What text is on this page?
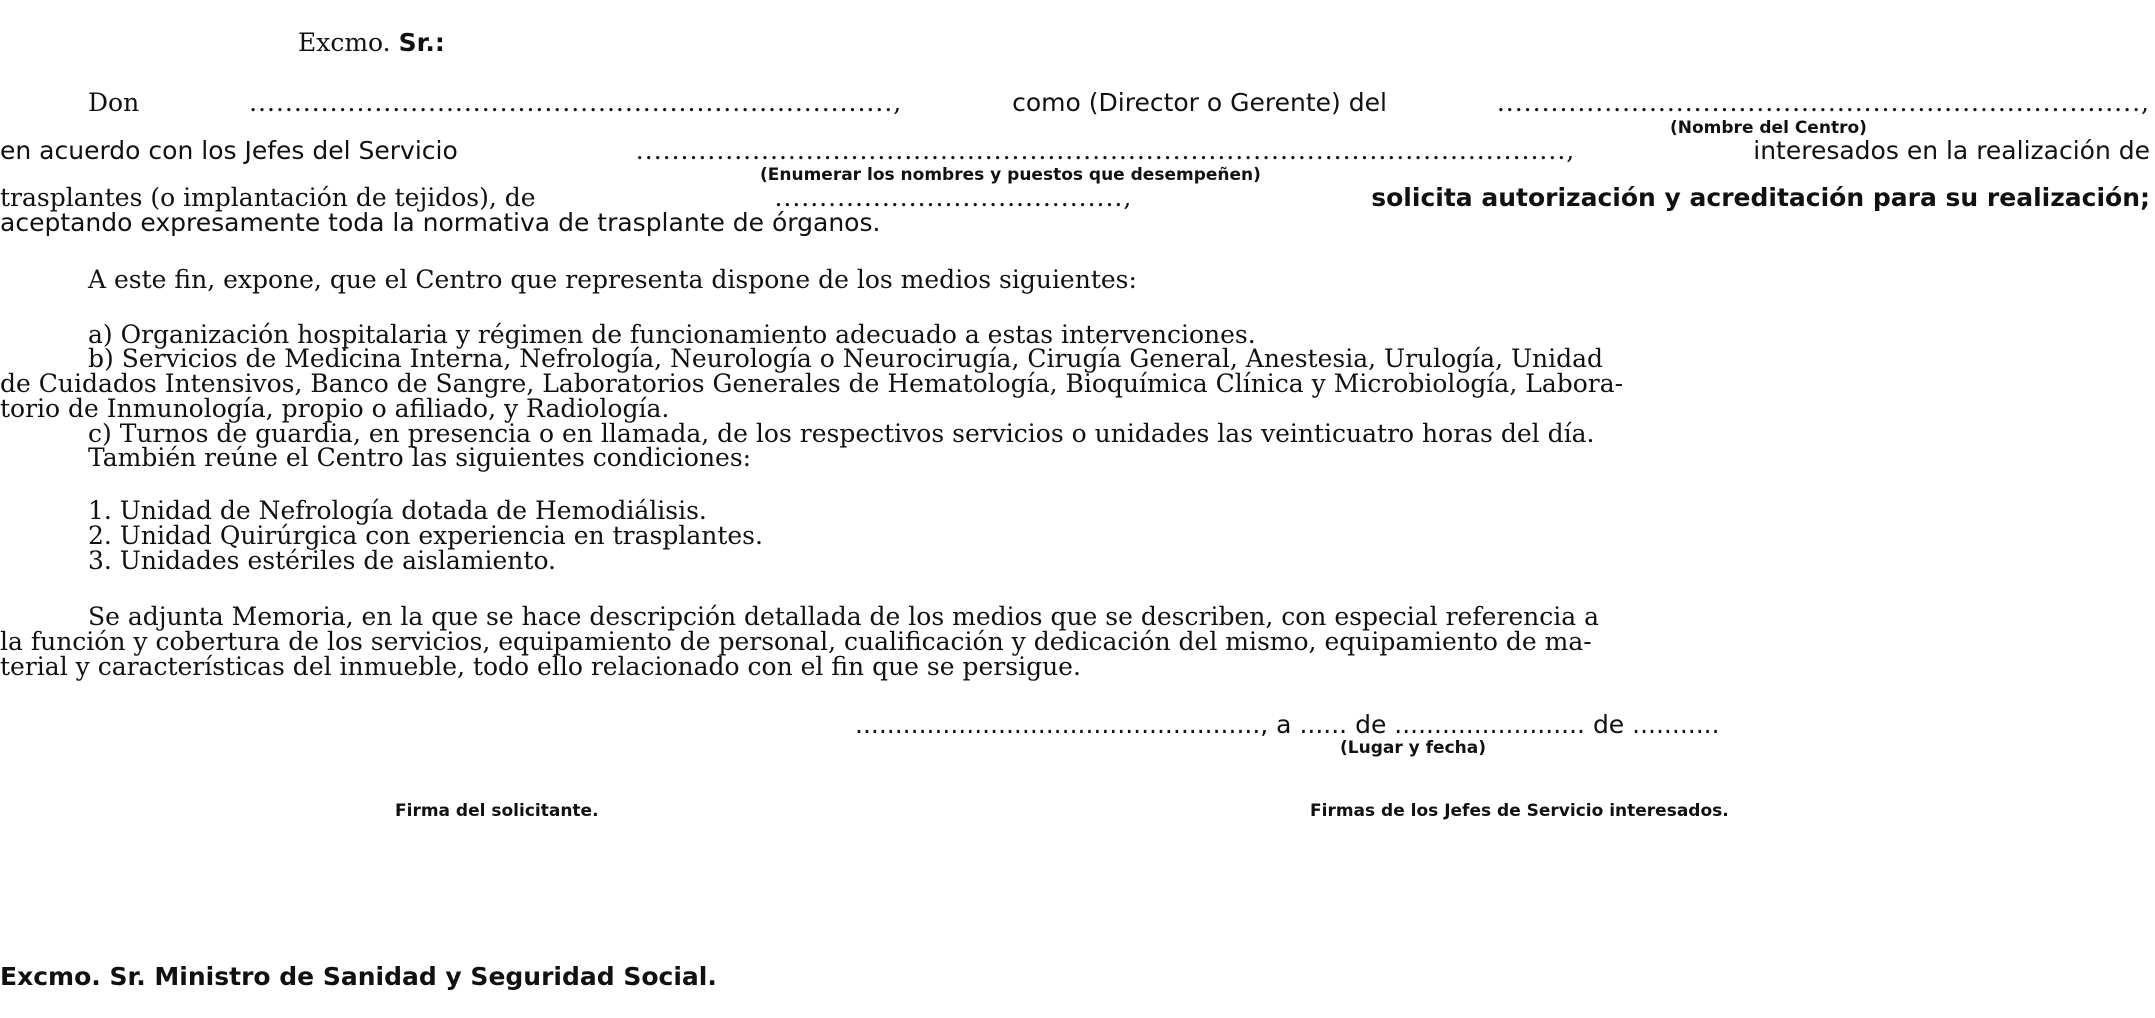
Excmo. Sr.:
Don	........................................................................,	como (Director o Gerente) del	........................................................................,
(Nombre del Centro)
en acuerdo con los Jefes del Servicio	........................................................................................................,	interesados en la realización de
(Enumerar los nombres y puestos que desempeñen)
trasplantes (o implantación de tejidos), de	.......................................,	solicita autorización y acreditación para su realización;
aceptando expresamente toda la normativa de trasplante de órganos.
A este fin, expone, que el Centro que representa dispone de los medios siguientes:
a) Organización hospitalaria y régimen de funcionamiento adecuado a estas intervenciones.
b) Servicios de Medicina Interna, Nefrología, Neurología o Neurocirugía, Cirugía General, Anestesia, Urulogía, Unidad
de Cuidados Intensivos, Banco de Sangre, Laboratorios Generales de Hematología, Bioquímica Clínica y Microbiología, Labora-
torio de Inmunología, propio o afiliado, y Radiología.
c) Turnos de guardia, en presencia o en llamada, de los respectivos servicios o unidades las veinticuatro horas del día.
También reúne el Centro las siguientes condiciones:
1. Unidad de Nefrología dotada de Hemodiálisis.
2. Unidad Quirúrgica con experiencia en trasplantes.
3. Unidades estériles de aislamiento.
Se adjunta Memoria, en la que se hace descripción detallada de los medios que se describen, con especial referencia a
la función y cobertura de los servicios, equipamiento de personal, cualificación y dedicación del mismo, equipamiento de ma-
terial y características del inmueble, todo ello relacionado con el fin que se persigue.
..................................................., a ...... de ........................ de ...........
(Lugar y fecha)
Firma del solicitante.	Firmas de los Jefes de Servicio interesados.
Excmo. Sr. Ministro de Sanidad y Seguridad Social.
